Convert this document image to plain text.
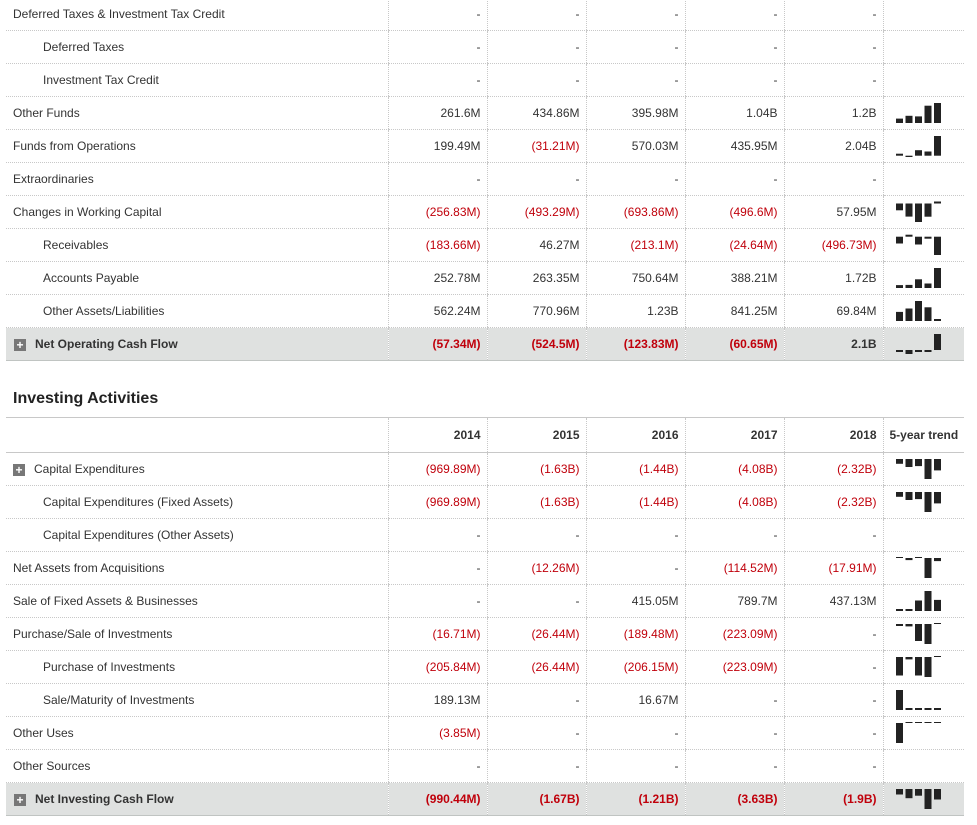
Deferred Taxes & Investment Tax Credit	-	-	-	-	-	
Deferred Taxes	-	-	-	-	-	
Investment Tax Credit	-	-	-	-	-	
Other Funds	261.6M	434.86M	395.98M	1.04B	1.2B	

Funds from Operations	199.49M	(31.21M)	570.03M	435.95M	2.04B	

Extraordinaries	-	-	-	-	-	
Changes in Working Capital	(256.83M)	(493.29M)	(693.86M)	(496.6M)	57.95M	

Receivables	(183.66M)	46.27M	(213.1M)	(24.64M)	(496.73M)	

Accounts Payable	252.78M	263.35M	750.64M	388.21M	1.72B	

Other Assets/Liabilities	562.24M	770.96M	1.23B	841.25M	69.84M	

+ Net Operating Cash Flow	(57.34M)	(524.5M)	(123.83M)	(60.65M)	2.1B	
Investing Activities
	2014	2015	2016	2017	2018	5-year trend
+ Capital Expenditures	(969.89M)	(1.63B)	(1.44B)	(4.08B)	(2.32B)	

Capital Expenditures (Fixed Assets)	(969.89M)	(1.63B)	(1.44B)	(4.08B)	(2.32B)	

Capital Expenditures (Other Assets)	-	-	-	-	-	
Net Assets from Acquisitions	-	(12.26M)	-	(114.52M)	(17.91M)	

Sale of Fixed Assets & Businesses	-	-	415.05M	789.7M	437.13M	

Purchase/Sale of Investments	(16.71M)	(26.44M)	(189.48M)	(223.09M)	-	

Purchase of Investments	(205.84M)	(26.44M)	(206.15M)	(223.09M)	-	

Sale/Maturity of Investments	189.13M	-	16.67M	-	-	

Other Uses	(3.85M)	-	-	-	-	

Other Sources	-	-	-	-	-	
+ Net Investing Cash Flow	(990.44M)	(1.67B)	(1.21B)	(3.63B)	(1.9B)	
